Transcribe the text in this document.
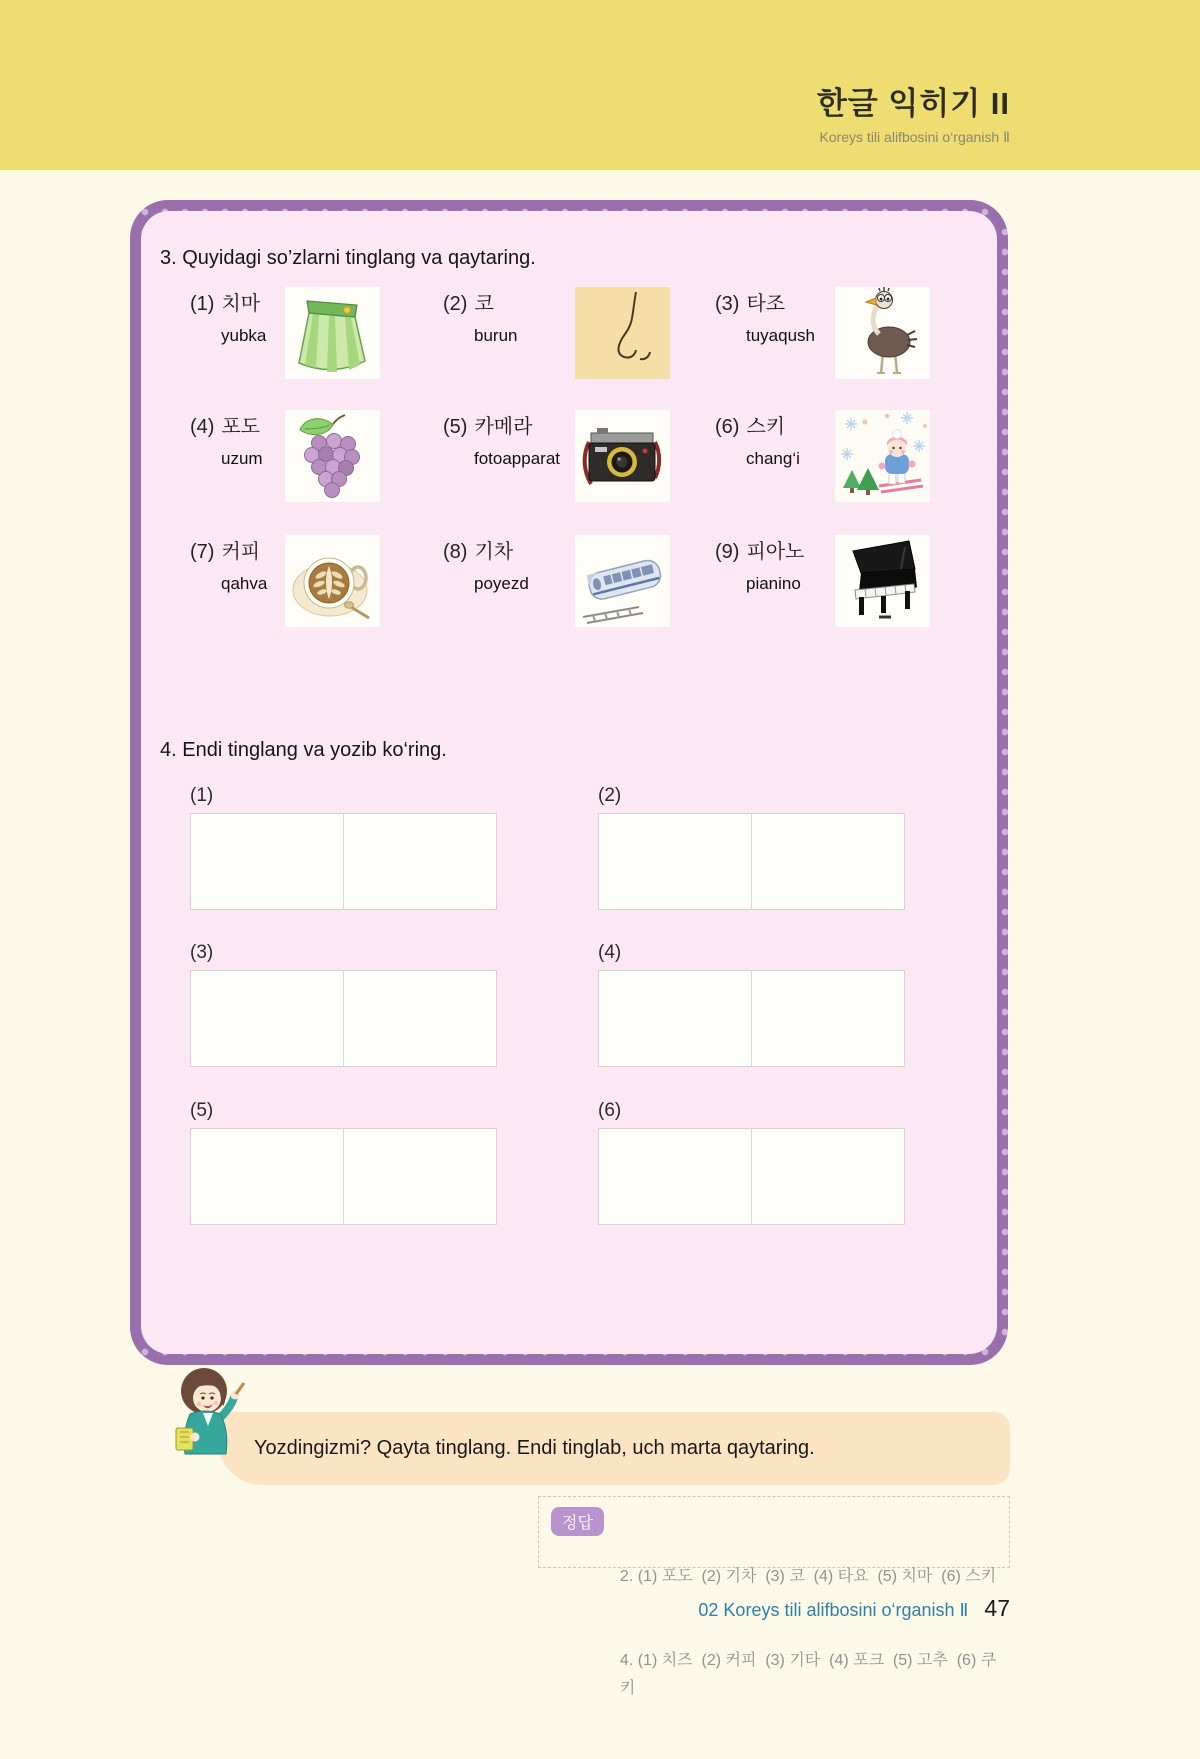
한글 익히기 II
Koreys tili alifbosini o‘rganish Ⅱ
3. Quyidagi so’zlarni tinglang va qaytaring.
(1) 치마
yubka
(2) 코
burun
(3) 타조
tuyaqush
(4) 포도
uzum
(5) 카메라
fotoapparat
(6) 스키
chang‘i
(7) 커피
qahva
(8) 기차
poyezd
(9) 피아노
pianino
4. Endi tinglang va yozib ko‘ring.
(1)	(2)
(3)	(4)
(5)	(6)
Yozdingizmi? Qayta tinglang. Endi tinglab, uch marta qaytaring.
정답

2. (1) 포도  (2) 기차  (3) 코  (4) 타요  (5) 치마  (6) 스키

4. (1) 치즈  (2) 커피  (3) 기타  (4) 포크  (5) 고추  (6) 쿠키

02 Koreys tili alifbosini o‘rganish Ⅱ 47
